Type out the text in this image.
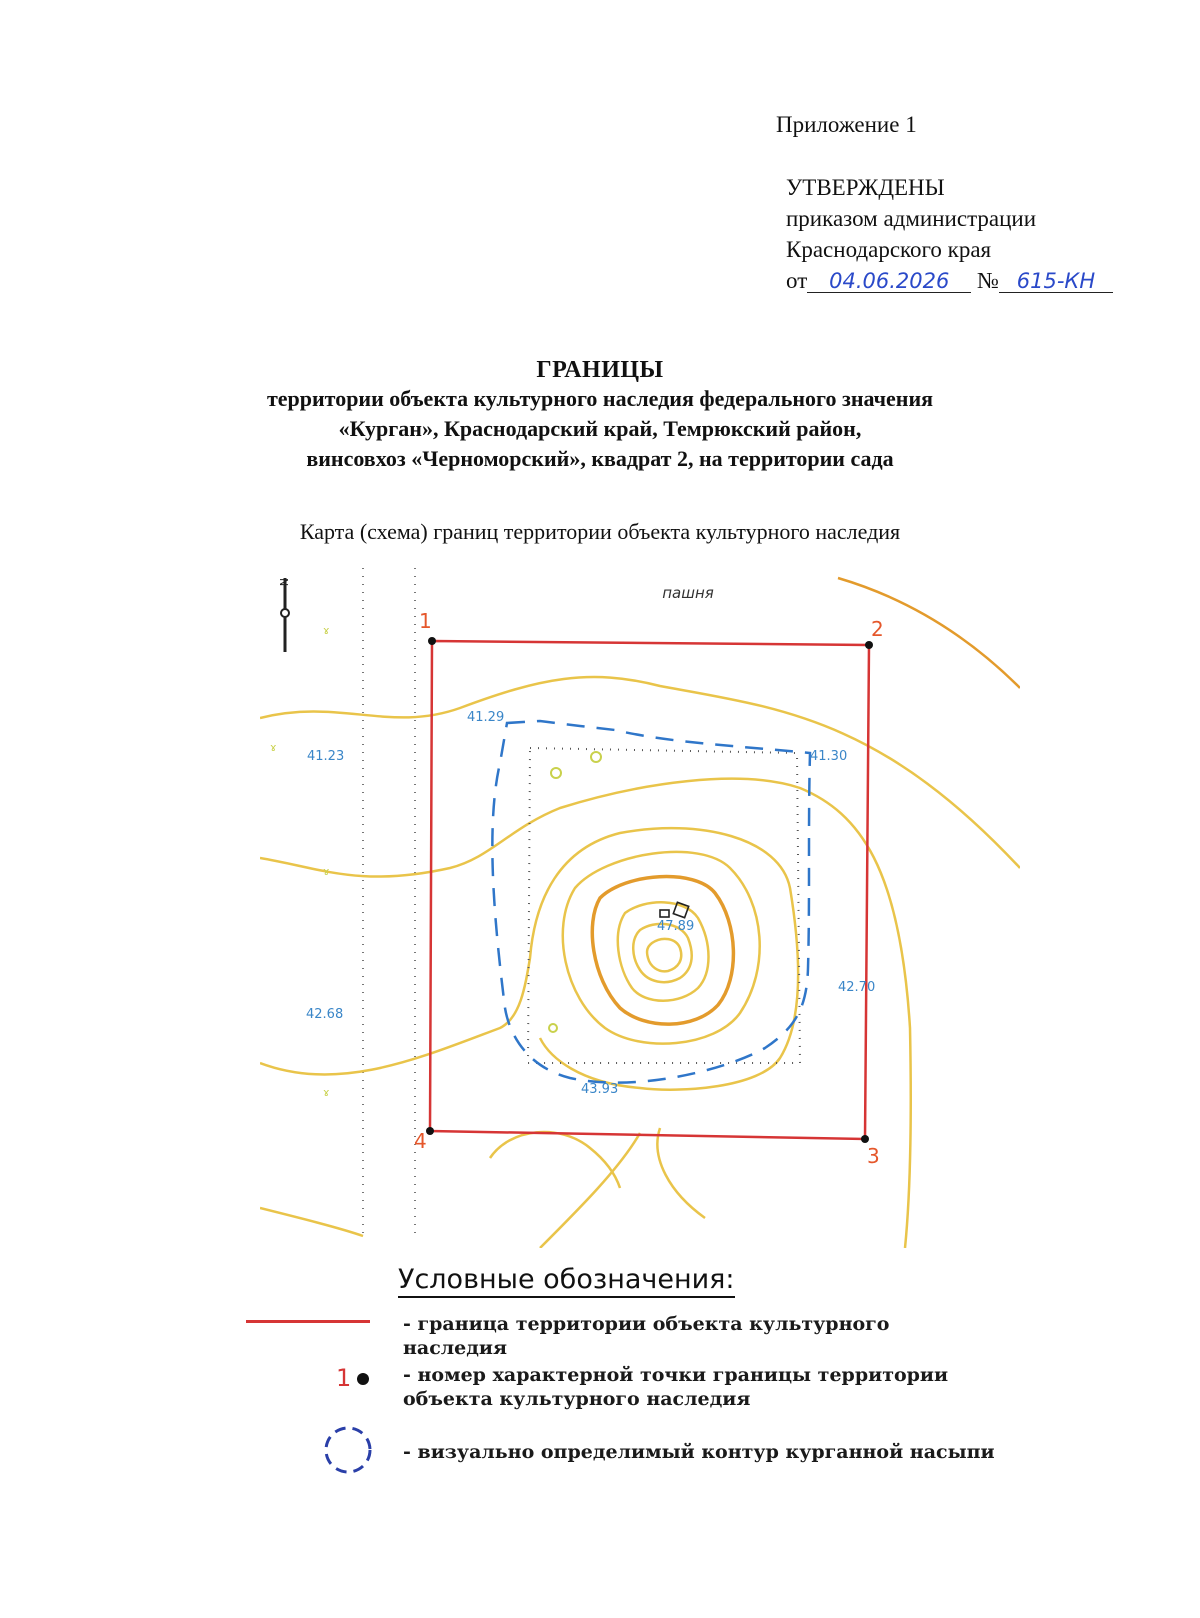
Приложение 1
УТВЕРЖДЕНЫ
приказом администрации
Краснодарского края
от 04.06.2026 № 615-КН
ГРАНИЦЫ
территории объекта культурного наследия федерального значения
«Курган», Краснодарский край, Темрюкский район,
винсовхоз «Черноморский», квадрат 2, на территории сада
Карта (схема) границ территории объекта культурного наследия
ɤ
ɤ
ɤ
ɤ
1	2
3
4
пашня
N
41.29
41.23	41.30
47.89
42.70
42.68
43.93
Условные обозначения:
- граница территории объекта культурного
наследия
1	- номер характерной точки границы территории
объекта культурного наследия
- визуально определимый контур курганной насыпи
